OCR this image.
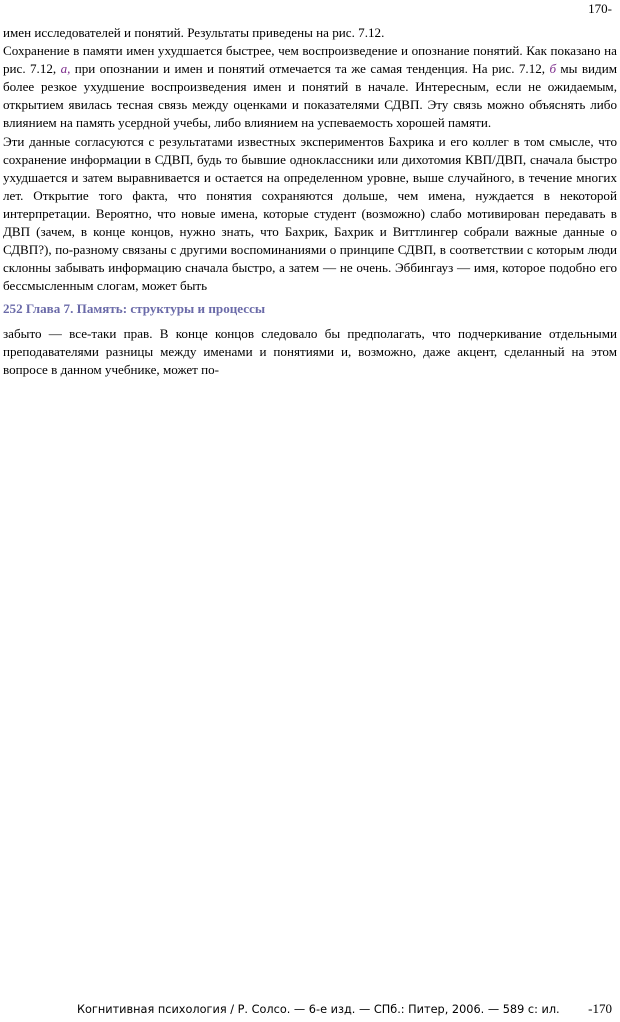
170-

имен исследователей и понятий. Результаты приведены на рис. 7.12.

Сохранение в памяти имен ухудшается быстрее, чем воспроизведение и опознание понятий. Как показано на рис. 7.12, а, при опознании и имен и понятий отмечается та же самая тенденция. На рис. 7.12, б мы видим более резкое ухудшение воспроизведения имен и понятий в начале. Интересным, если не ожидаемым, открытием явилась тесная связь между оценками и показателями СДВП. Эту связь можно объяснять либо влиянием на память усердной учебы, либо влиянием на успеваемость хорошей памяти.

Эти данные согласуются с результатами известных экспериментов Бахрика и его коллег в том смысле, что сохранение информации в СДВП, будь то бывшие одноклассники или дихотомия КВП/ДВП, сначала быстро ухудшается и затем выравнивается и остается на определенном уровне, выше случайного, в течение многих лет. Открытие того факта, что понятия сохраняются дольше, чем имена, нуждается в некоторой интерпретации. Вероятно, что новые имена, которые студент (возможно) слабо мотивирован передавать в ДВП (зачем, в конце концов, нужно знать, что Бахрик, Бахрик и Виттлингер собрали важные данные о СДВП?), по-разному связаны с другими воспоминаниями о принципе СДВП, в соответствии с которым люди склонны забывать информацию сначала быстро, а затем — не очень. Эббингауз — имя, которое подобно его бессмысленным слогам, может быть

252 Глава 7. Память: структуры и процессы

забыто — все-таки прав. В конце концов следовало бы предполагать, что подчеркивание отдельными преподавателями разницы между именами и понятиями и, возможно, даже акцент, сделанный на этом вопросе в данном учебнике, может по-

Когнитивная психология / Р. Солсо. — 6-е изд. — СПб.: Питер, 2006. — 589 с: ил. -170
